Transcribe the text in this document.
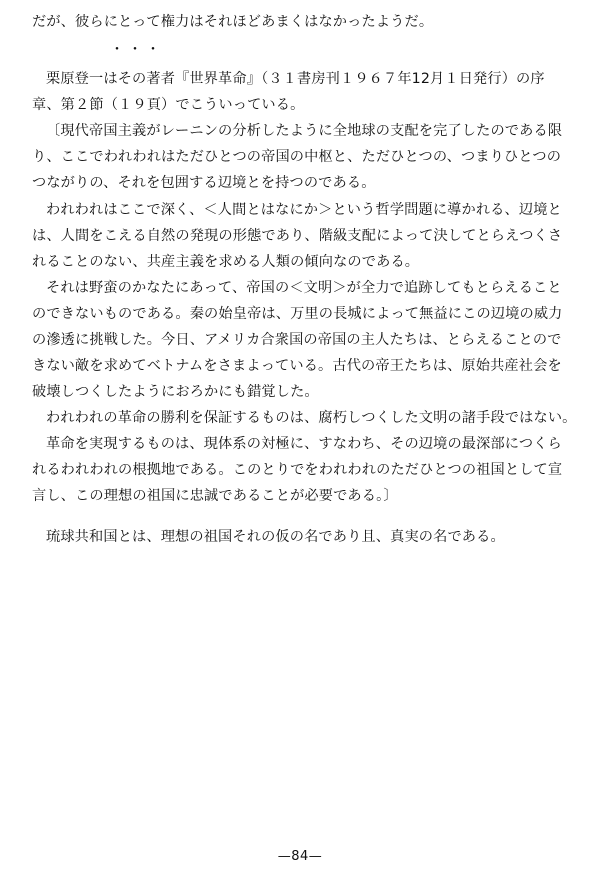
だが、彼らにとって権力はそれほどあまくはなかったようだ。
・・・
栗原登一はその著者『世界革命』（３１書房刊１９６７年12月１日発行）の序
章、第２節（１９頁）でこういっている。
〔現代帝国主義がレーニンの分析したように全地球の支配を完了したのである限
り、ここでわれわれはただひとつの帝国の中枢と、ただひとつの、つまりひとつの
つながりの、それを包囲する辺境とを持つのである。
われわれはここで深く、＜人間とはなにか＞という哲学問題に導かれる、辺境と
は、人間をこえる自然の発現の形態であり、階級支配によって決してとらえつくさ
れることのない、共産主義を求める人類の傾向なのである。
それは野蛮のかなたにあって、帝国の＜文明＞が全力で追跡してもとらえること
のできないものである。秦の始皇帝は、万里の長城によって無益にこの辺境の威力
の滲透に挑戦した。今日、アメリカ合衆国の帝国の主人たちは、とらえることので
きない敵を求めてベトナムをさまよっている。古代の帝王たちは、原始共産社会を
破壊しつくしたようにおろかにも錯覚した。
われわれの革命の勝利を保証するものは、腐朽しつくした文明の諸手段ではない。
革命を実現するものは、現体系の対極に、すなわち、その辺境の最深部につくら
れるわれわれの根拠地である。このとりでをわれわれのただひとつの祖国として宣
言し、この理想の祖国に忠誠であることが必要である。〕
琉球共和国とは、理想の祖国それの仮の名であり且、真実の名である。
—84—
